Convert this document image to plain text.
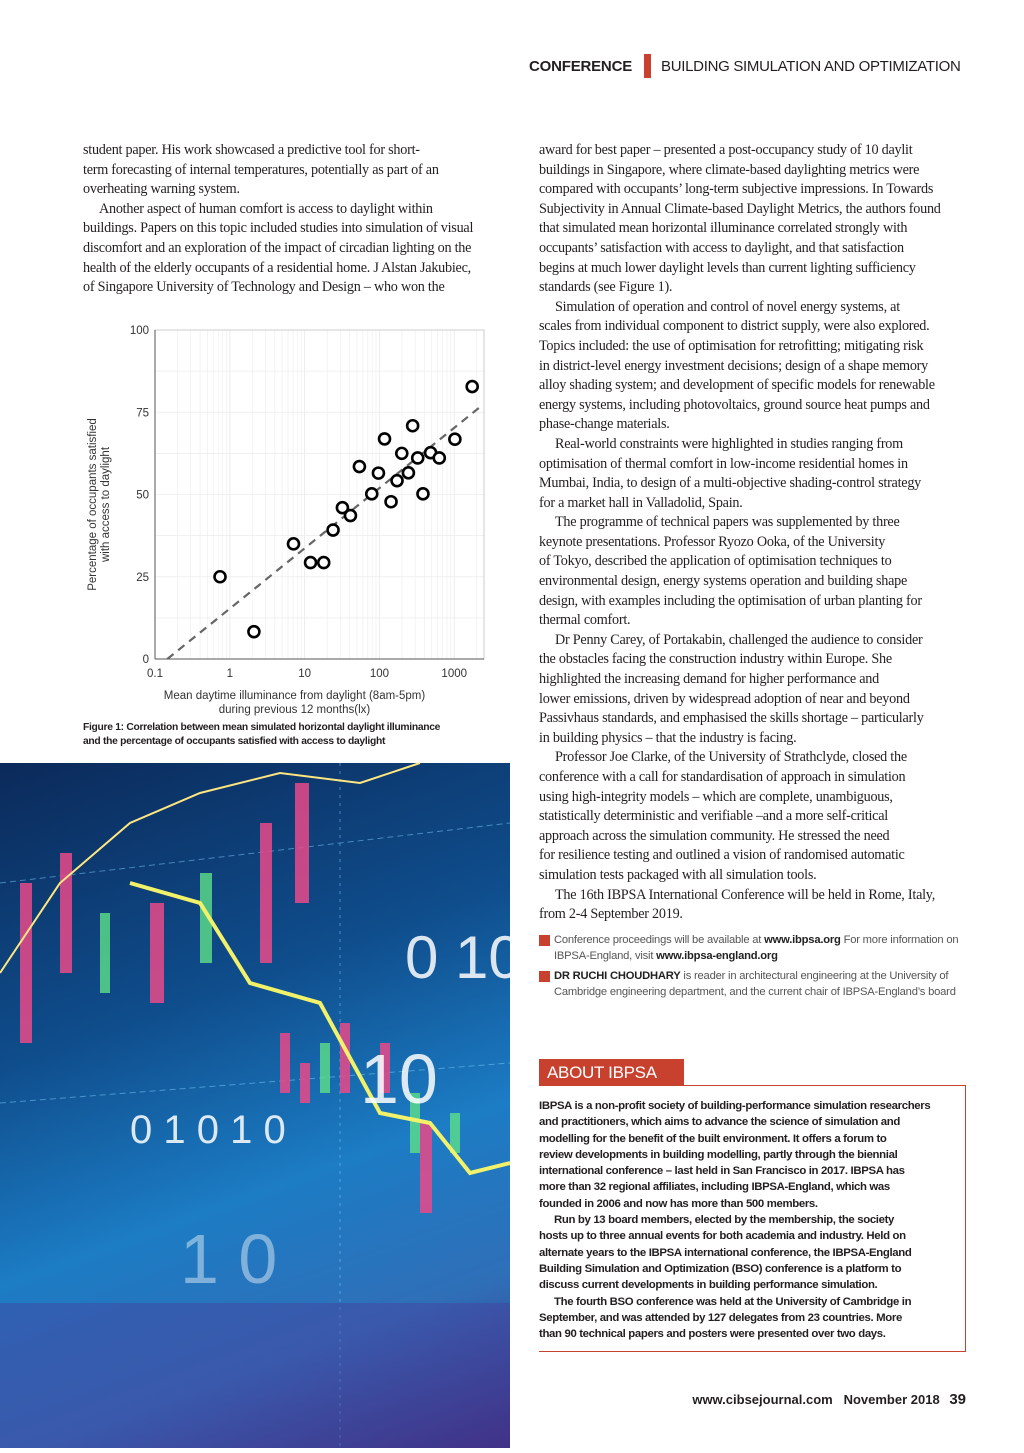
CONFERENCE BUILDING SIMULATION AND OPTIMIZATION
student paper. His work showcased a predictive tool for short-
term forecasting of internal temperatures, potentially as part of an
overheating warning system.
Another aspect of human comfort is access to daylight within
buildings. Papers on this topic included studies into simulation of visual
discomfort and an exploration of the impact of circadian lighting on the
health of the elderly occupants of a residential home. J Alstan Jakubiec,
of Singapore University of Technology and Design – who won the
award for best paper – presented a post-occupancy study of 10 daylit
buildings in Singapore, where climate-based daylighting metrics were
compared with occupants’ long-term subjective impressions. In Towards
Subjectivity in Annual Climate-based Daylight Metrics, the authors found
that simulated mean horizontal illuminance correlated strongly with
occupants’ satisfaction with access to daylight, and that satisfaction
begins at much lower daylight levels than current lighting sufficiency
standards (see Figure 1).
Simulation of operation and control of novel energy systems, at
scales from individual component to district supply, were also explored.
Topics included: the use of optimisation for retrofitting; mitigating risk
in district-level energy investment decisions; design of a shape memory
alloy shading system; and development of specific models for renewable
energy systems, including photovoltaics, ground source heat pumps and
phase-change materials.
Real-world constraints were highlighted in studies ranging from
optimisation of thermal comfort in low-income residential homes in
Mumbai, India, to design of a multi-objective shading-control strategy
for a market hall in Valladolid, Spain.
The programme of technical papers was supplemented by three
keynote presentations. Professor Ryozo Ooka, of the University
of Tokyo, described the application of optimisation techniques to
environmental design, energy systems operation and building shape
design, with examples including the optimisation of urban planting for
thermal comfort.
Dr Penny Carey, of Portakabin, challenged the audience to consider
the obstacles facing the construction industry within Europe. She
highlighted the increasing demand for higher performance and
lower emissions, driven by widespread adoption of near and beyond
Passivhaus standards, and emphasised the skills shortage – particularly
in building physics – that the industry is facing.
Professor Joe Clarke, of the University of Strathclyde, closed the
conference with a call for standardisation of approach in simulation
using high-integrity models – which are complete, unambiguous,
statistically deterministic and verifiable –and a more self-critical
approach across the simulation community. He stressed the need
for resilience testing and outlined a vision of randomised automatic
simulation tests packaged with all simulation tools.
The 16th IBPSA International Conference will be held in Rome, Italy,
from 2-4 September 2019.
0.1	1	10	100	1000
0
25
50
75
100
Mean daytime illuminance from daylight (8am-5pm)
during previous 12 months(lx)
Percentage of occupants satisfied with access to daylight
Figure 1: Correlation between mean simulated horizontal daylight illuminance
and the percentage of occupants satisfied with access to daylight
0 10
10
0 1 0 1 0
1 0
Conference proceedings will be available at www.ibpsa.org For more information on IBPSA-England, visit www.ibpsa-england.org
DR RUCHI CHOUDHARY is reader in architectural engineering at the University of Cambridge engineering department, and the current chair of IBPSA-England’s board
ABOUT IBPSA
IBPSA is a non-profit society of building-performance simulation researchers
and practitioners, which aims to advance the science of simulation and
modelling for the benefit of the built environment. It offers a forum to
review developments in building modelling, partly through the biennial
international conference – last held in San Francisco in 2017. IBPSA has
more than 32 regional affiliates, including IBPSA-England, which was
founded in 2006 and now has more than 500 members.
Run by 13 board members, elected by the membership, the society
hosts up to three annual events for both academia and industry. Held on
alternate years to the IBPSA international conference, the IBPSA-England
Building Simulation and Optimization (BSO) conference is a platform to
discuss current developments in building performance simulation.
The fourth BSO conference was held at the University of Cambridge in
September, and was attended by 127 delegates from 23 countries. More
than 90 technical papers and posters were presented over two days.
www.cibsejournal.com November 2018 39
